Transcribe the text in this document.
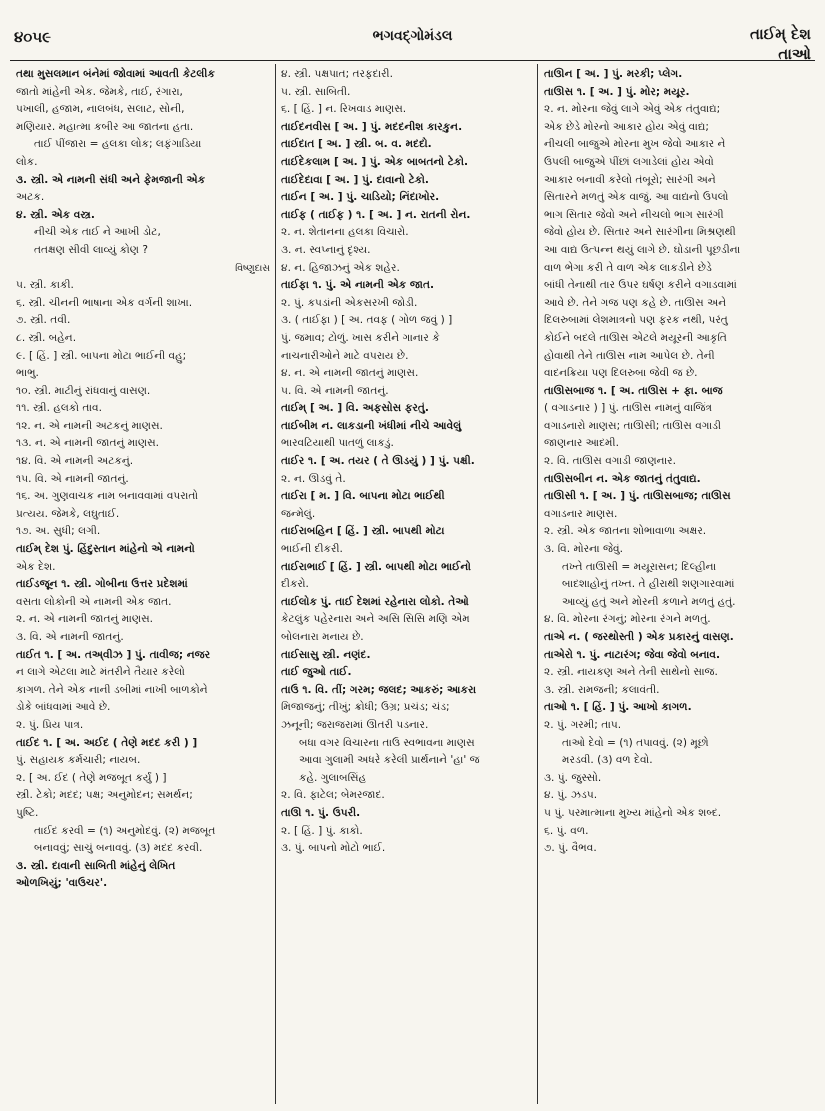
૪૦૫૯	ભગવદ્ગોમંડલ	તાઈમ્ દેશ
તાઓ
તથા મુસલમાન બંનેમાં જોવામાં આવતી કેટલીક
જાતો માંહેની એક. જેમકે, તાઈ, રંગારા,
પખાલી, હજામ, નાલબંધ, સલાટ, સોની,
મણિયાર. મહાત્મા કબીર આ જાતના હતા.
તાઈ પીંજારા = હલકા લોક; લફંગાડિયા
લોક.
૩. સ્ત્રી. એ નામની સંધી અને ફેમજાની એક
અટક.
૪. સ્ત્રી. એક વસ્ત્ર.
નીચી એક તાઈ ને આખી ડોટ,
તતક્ષણ સીવી લાવ્યું કોણ ?
વિષ્ણુદાસ
૫. સ્ત્રી. કાકી.
૬. સ્ત્રી. ચીનની ભાષાના એક વર્ગની શાખા.
૭. સ્ત્રી. તવી.
૮. સ્ત્રી. બહેન.
૯. [ હિં. ] સ્ત્રી. બાપના મોટા ભાઈની વહુ;
ભાભુ.
૧૦. સ્ત્રી. માટીનું રાંધવાનું વાસણ.
૧૧. સ્ત્રી. હલકો તાવ.
૧૨. ન. એ નામની અટકનું માણસ.
૧૩. ન. એ નામની જાતનું માણસ.
૧૪. વિ. એ નામની અટકનું.
૧૫. વિ. એ નામની જાતનું.
૧૬. અ. ગુણવાચક નામ બનાવવામાં વપરાતો
પ્રત્યય. જેમકે, લઘુતાઈ.
૧૭. અ. સુધી; લગી.
તાઈમ્ દેશ પું. હિંદુસ્તાન માંહેનો એ નામનો
એક દેશ.
તાઈડજૂન ૧. સ્ત્રી. ગોબીના ઉત્તર પ્રદેશમાં
વસતા લોકોની એ નામની એક જાત.
૨. ન. એ નામની જાતનું માણસ.
૩. વિ. એ નામની જાતનું.
તાઈત ૧. [ અ. તઅ્વીઝ ] પું. તાવીજ; નજર
ન લાગે એટલા માટે મંતરીને તૈયાર કરેલો
કાગળ. તેને એક નાની ડબીમાં નાખી બાળકોને
ડોકે બાંધવામાં આવે છે.
૨. પું. પ્રિય પાત્ર.
તાઈદ ૧. [ અ. અઈદ ( તેણે મદદ કરી ) ]
પું. સહાયક કર્મચારી; નાયબ.
૨. [ અ. ઈદ ( તેણે મજબૂત કર્યું ) ]
સ્ત્રી. ટેકો; મદદ; પક્ષ; અનુમોદન; સમર્થન;
પુષ્ટિ.
તાઈદ કરવી = (૧) અનુમોદવું. (૨) મજબૂત
બનાવવું; સાચું બનાવવું. (૩) મદદ કરવી.
૩. સ્ત્રી. દાવાની સાબિતી માંહેનું લેખિત
ઓળખિયું; 'વાઉચર'.
૪. સ્ત્રી. પક્ષપાત; તરફદારી.
૫. સ્ત્રી. સાબિતી.
૬. [ હિં. ] ન. રિખવાડ માણસ.
તાઈદનવીસ [ અ. ] પું. મદદનીશ કારકુન.
તાઈદાત [ અ. ] સ્ત્રી. બ. વ. મદદો.
તાઈદેકલામ [ અ. ] પું. એક બાબતનો ટેકો.
તાઈદેદાવા [ અ. ] પું. દાવાનો ટેકો.
તાઈન [ અ. ] પું. ચાડિયો; નિંદાખોર.
તાઈફ ( તાઈફ ) ૧. [ અ. ] ન. રાતની રોન.
૨. ન. શેતાનના હલકા વિચારો.
૩. ન. સ્વપ્નાનું દૃશ્ય.
૪. ન. હિજાઝનું એક શહેર.
તાઈફા ૧. પું. એ નામની એક જાત.
૨. પું. કપડાંની એકસરખી જોડી.
૩. ( તાઈફા ) [ અ. તવફ ( ગોળ જવું ) ]
પું. જમાવ; ટોળું. ખાસ કરીને ગાનાર કે
નાચનારીઓને માટે વપરાય છે.
૪. ન. એ નામની જાતનું માણસ.
૫. વિ. એ નામની જાતનું.
તાઈમ્ [ અ. ] વિ. અફસોસ ફરતું.
તાઈબીમ ન. લાકડાની ખંધીમાં નીચે આવેલું
ભારવટિયાથી પાતળું લાકડું.
તાઈર ૧. [ અ. તયર ( તે ઊડયું ) ] પું. પક્ષી.
૨. ન. ઊડવું તે.
તાઈરા [ મ. ] વિ. બાપના મોટા ભાઈથી
જન્મેલું.
તાઈરાબહિન [ હિં. ] સ્ત્રી. બાપથી મોટા
ભાઈની દીકરી.
તાઈરાભાઈ [ હિં. ] સ્ત્રી. બાપથી મોટા ભાઈનો
દીકરો.
તાઈલોક પું. તાઈ દેશમાં રહેનારા લોકો. તેઓ
કેટલુંક પહેરનારા અને અસિ સિસિ મણિ એમ
બોલનારા મનાય છે.
તાઈસાસુ સ્ત્રી. નણંદ.
તાઈ જુઓ તાઈ.
તાઉ ૧. વિ. તીં; ગરમ; જલદ; આકરું; આકરા
મિજાજનું; તીખું; ક્રોધી; ઉગ્ર; પ્રચંડ; ચંડ;
ઝનૂની; જરાજરામાં ઊતરી પડનાર.
બધા વગર વિચારના તાઉ સ્વભાવના માણસ
આવા ગુલામી અધરે કરેલી પ્રાર્થનાને 'હા' જ
કહે. ગુલાબસિંહ
૨. વિ. ફાટેલ; બેમરજાદ.
તાઊ ૧. પું. ઉપરી.
૨. [ હિં. ] પું. કાકો.
૩. પું. બાપનો મોટો ભાઈ.
તાઊન [ અ. ] પું. મરકી; પ્લેગ.
તાઊસ ૧. [ અ. ] પું. મોર; મયૂર.
૨. ન. મોરના જેવું લાગે એવું એક તંતુવાદ્ય;
એક છેડે મોરનો આકાર હોય એવું વાદ્ય;
નીચલી બાજુએ મોરના મુખ જેવો આકાર ને
ઉપલી બાજુએ પીંછાં લગાડેલાં હોય એવો
આકાર બનાવી કરેલો તંબૂરો; સારંગી અને
સિતારને મળતું એક વાજું. આ વાદ્યનો ઉપલો
ભાગ સિતાર જેવો અને નીચલો ભાગ સારંગી
જેવો હોય છે. સિતાર અને સારંગીના મિશ્રણથી
આ વાદ્ય ઉત્પન્ન થયું લાગે છે. ઘોડાની પૂછડીના
વાળ ભેગા કરી તે વાળ એક લાકડીને છેડે
બાંધી તેનાથી તાર ઉપર ઘર્ષણ કરીને વગાડવામાં
આવે છે. તેને ગજ પણ કહે છે. તાઊસ અને
દિલરુબામાં લેશમાત્રનો પણ ફરક નથી, પરંતુ
કોઈને બદલે તાઊસ એટલે મયૂરની આકૃતિ
હોવાથી તેને તાઊસ નામ આપેલ છે. તેની
વાદનક્રિયા પણ દિલરુબા જેવી જ છે.
તાઊસબાજ ૧. [ અ. તાઊસ + ફા. બાજ
( વગાડનાર ) ] પું. તાઊસ નામનું વાજિંત્ર
વગાડનારો માણસ; તાઊસી; તાઊસ વગાડી
જાણનાર આદમી.
૨. વિ. તાઊસ વગાડી જાણનાર.
તાઊસબીન ન. એક જાતનું તંતુવાદ્ય.
તાઊસી ૧. [ અ. ] પું. તાઊસબાજ; તાઊસ
વગાડનાર માણસ.
૨. સ્ત્રી. એક જાતના શોભાવાળા અક્ષર.
૩. વિ. મોરના જેવું.
તખ્તે તાઊસી = મયૂરાસન; દિલ્હીના
બાદશાહોનું તખ્ત. તે હીરાથી શણગારવામાં
આવ્યું હતું અને મોરની કળાને મળતું હતું.
૪. વિ. મોરના રંગનું; મોરના રંગને મળતું.
તાએ ન. ( જરથોસ્તી ) એક પ્રકારનું વાસણ.
તાએરો ૧. પું. નાટારંગ; જેવા જેવો બનાવ.
૨. સ્ત્રી. નાયકણ અને તેની સાથેનો સાજ.
૩. સ્ત્રી. રામજની; કલાવંતી.
તાઓ ૧. [ હિં. ] પું. આખો કાગળ.
૨. પું. ગરમી; તાપ.
તાઓ દેવો = (૧) તપાવવું. (૨) મૂછો
મરડવી. (૩) વળ દેવો.
૩. પું. જુસ્સો.
૪. પું. ઝડપ.
૫ પું. પરમાત્માના મુખ્ય માંહેનો એક શબ્દ.
૬. પું. વળ.
૭. પું. વૈભવ.
